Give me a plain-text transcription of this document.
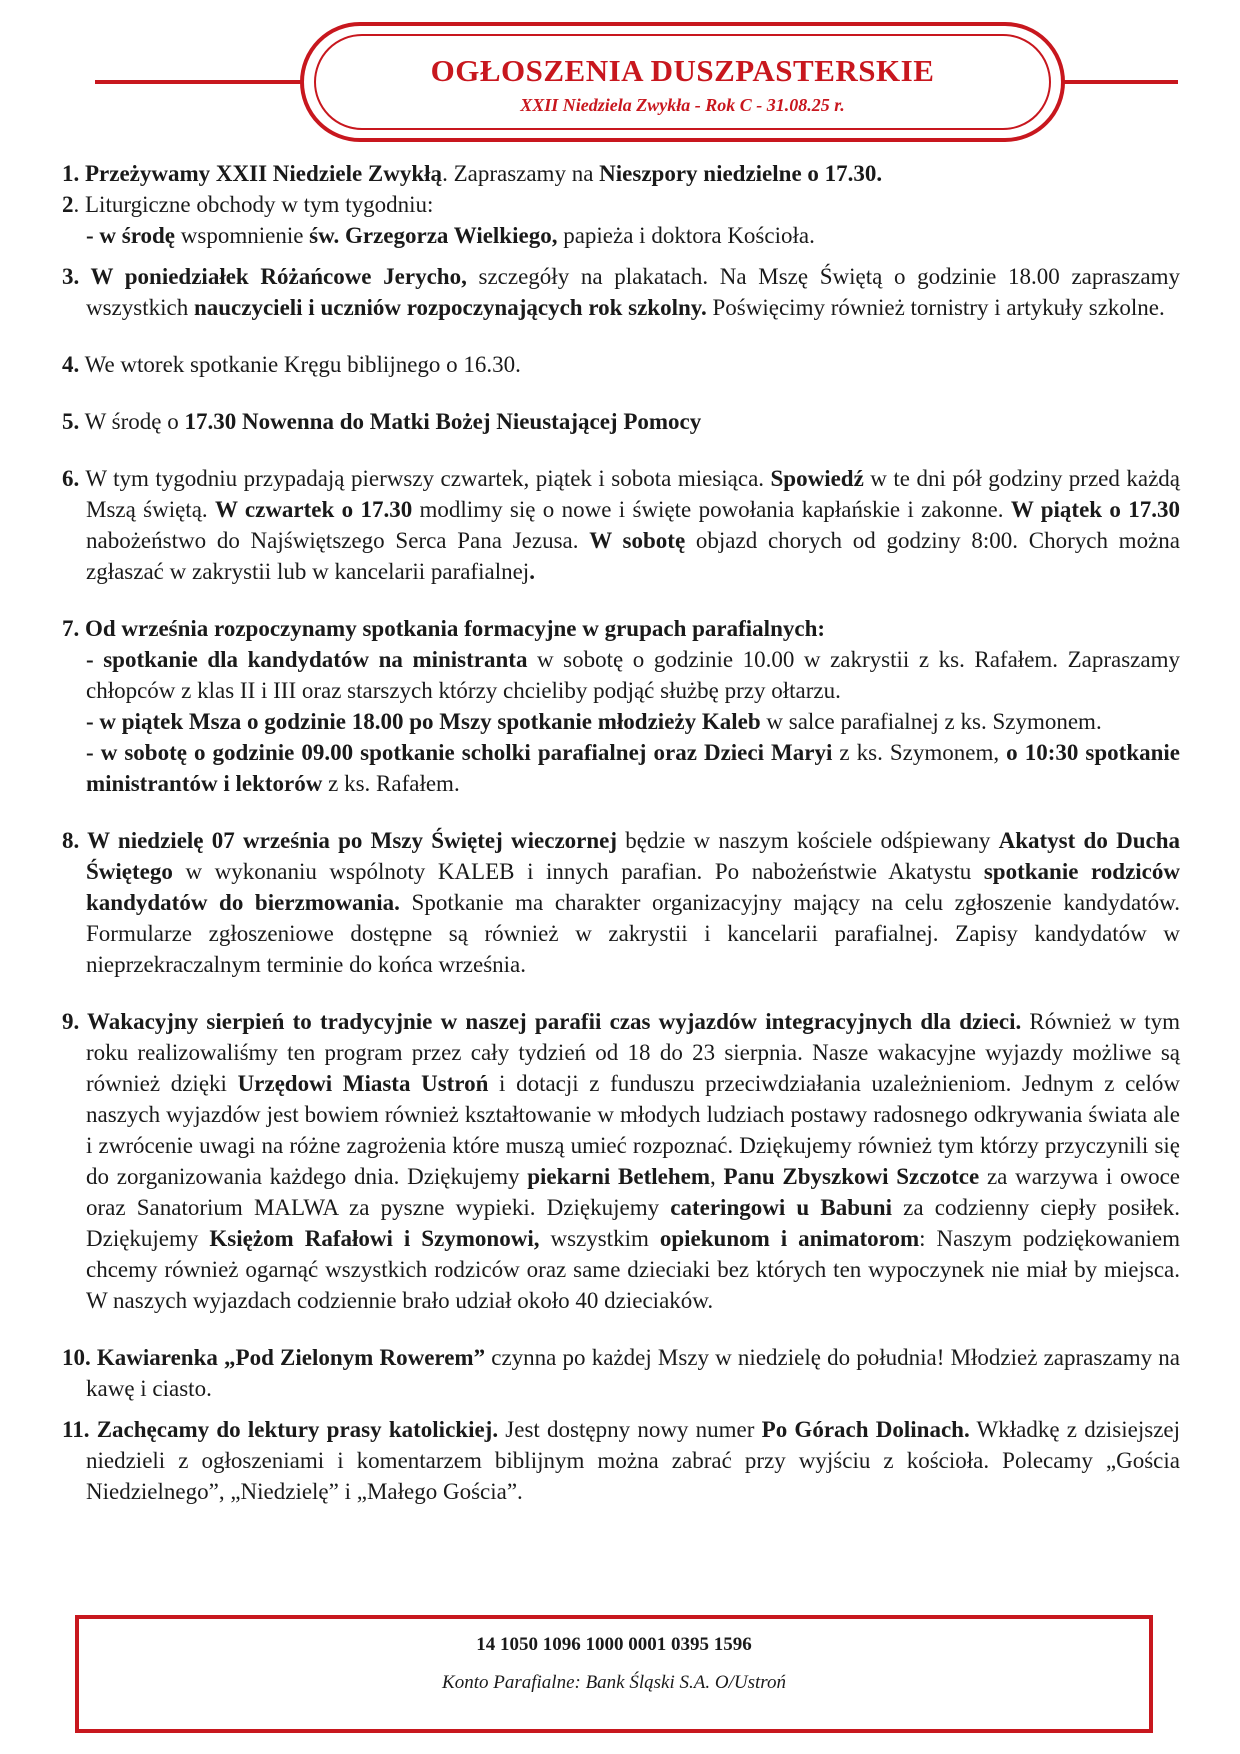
OGŁOSZENIA DUSZPASTERSKIE
XXII Niedziela Zwykła - Rok C - 31.08.25 r.
1. Przeżywamy XXII Niedziele Zwykłą. Zapraszamy na Nieszpory niedzielne o 17.30.
2. Liturgiczne obchody w tym tygodniu:
- w środę wspomnienie św. Grzegorza Wielkiego, papieża i doktora Kościoła.
3. W poniedziałek Różańcowe Jerycho, szczegóły na plakatach. Na Mszę Świętą o godzinie 18.00 zapraszamy wszystkich nauczycieli i uczniów rozpoczynających rok szkolny. Poświęcimy również tornistry i artykuły szkolne.
4. We wtorek spotkanie Kręgu biblijnego o 16.30.
5. W środę o 17.30 Nowenna do Matki Bożej Nieustającej Pomocy
6. W tym tygodniu przypadają pierwszy czwartek, piątek i sobota miesiąca. Spowiedź w te dni pół godziny przed każdą Mszą świętą. W czwartek o 17.30 modlimy się o nowe i święte powołania kapłańskie i zakonne. W piątek o 17.30 nabożeństwo do Najświętszego Serca Pana Jezusa. W sobotę objazd chorych od godziny 8:00. Chorych można zgłaszać w zakrystii lub w kancelarii parafialnej.
7. Od września rozpoczynamy spotkania formacyjne w grupach parafialnych:
- spotkanie dla kandydatów na ministranta w sobotę o godzinie 10.00 w zakrystii z ks. Rafałem. Zapraszamy chłopców z klas II i III oraz starszych którzy chcieliby podjąć służbę przy ołtarzu.
- w piątek Msza o godzinie 18.00 po Mszy spotkanie młodzieży Kaleb w salce parafialnej z ks. Szymonem.
- w sobotę o godzinie 09.00 spotkanie scholki parafialnej oraz Dzieci Maryi z ks. Szymonem, o 10:30 spotkanie ministrantów i lektorów z ks. Rafałem.
8. W niedzielę 07 września po Mszy Świętej wieczornej będzie w naszym kościele odśpiewany Akatyst do Ducha Świętego w wykonaniu wspólnoty KALEB i innych parafian. Po nabożeństwie Akatystu spotkanie rodziców kandydatów do bierzmowania. Spotkanie ma charakter organizacyjny mający na celu zgłoszenie kandydatów. Formularze zgłoszeniowe dostępne są również w zakrystii i kancelarii parafialnej. Zapisy kandydatów w nieprzekraczalnym terminie do końca września.
9. Wakacyjny sierpień to tradycyjnie w naszej parafii czas wyjazdów integracyjnych dla dzieci. Również w tym roku realizowaliśmy ten program przez cały tydzień od 18 do 23 sierpnia. Nasze wakacyjne wyjazdy możliwe są również dzięki Urzędowi Miasta Ustroń i dotacji z funduszu przeciwdziałania uzależnieniom. Jednym z celów naszych wyjazdów jest bowiem również kształtowanie w młodych ludziach postawy radosnego odkrywania świata ale i zwrócenie uwagi na różne zagrożenia które muszą umieć rozpoznać. Dziękujemy również tym którzy przyczynili się do zorganizowania każdego dnia. Dziękujemy piekarni Betlehem, Panu Zbyszkowi Szczotce za warzywa i owoce oraz Sanatorium MALWA za pyszne wypieki. Dziękujemy cateringowi u Babuni za codzienny ciepły posiłek. Dziękujemy Księżom Rafałowi i Szymonowi, wszystkim opiekunom i animatorom: Naszym podziękowaniem chcemy również ogarnąć wszystkich rodziców oraz same dzieciaki bez których ten wypoczynek nie miał by miejsca. W naszych wyjazdach codziennie brało udział około 40 dzieciaków.
10. Kawiarenka „Pod Zielonym Rowerem” czynna po każdej Mszy w niedzielę do południa! Młodzież zapraszamy na kawę i ciasto.
11. Zachęcamy do lektury prasy katolickiej. Jest dostępny nowy numer Po Górach Dolinach. Wkładkę z dzisiejszej niedzieli z ogłoszeniami i komentarzem biblijnym można zabrać przy wyjściu z kościoła. Polecamy „Gościa Niedzielnego”, „Niedzielę” i „Małego Gościa”.
14 1050 1096 1000 0001 0395 1596
Konto Parafialne: Bank Śląski S.A. O/Ustroń
